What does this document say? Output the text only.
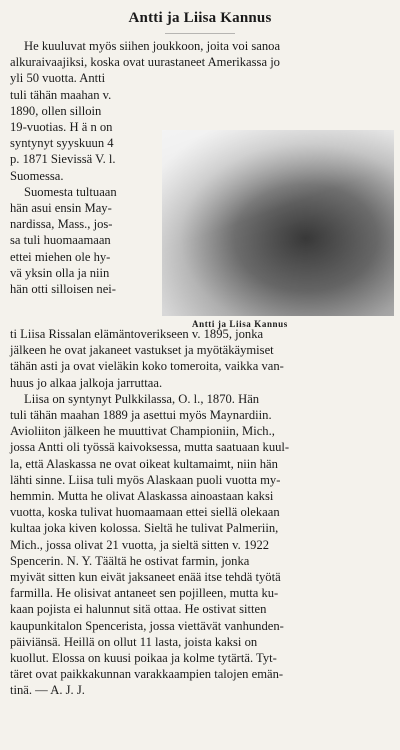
Antti ja Liisa Kannus

He kuuluvat myös siihen joukkoon, joita voi sanoa

alkuraivaajiksi, koska ovat uurastaneet Amerikassa jo

yli 50 vuotta. Antti

tuli tähän maahan v.

1890, ollen silloin

19-vuotias. H ä n on

syntynyt syyskuun 4

p. 1871 Sievissä V. l.

Suomessa.

Suomesta tultuaan

hän asui ensin May-

nardissa, Mass., jos-

sa tuli huomaamaan

ettei miehen ole hy-

vä yksin olla ja niin

hän otti silloisen nei-

Antti ja Liisa Kannus

ti Liisa Rissalan elämäntoverikseen v. 1895, jonka

jälkeen he ovat jakaneet vastukset ja myötäkäymiset

tähän asti ja ovat vieläkin koko tomeroita, vaikka van-

huus jo alkaa jalkoja jarruttaa.

Liisa on syntynyt Pulkkilassa, O. l., 1870. Hän

tuli tähän maahan 1889 ja asettui myös Maynardiin.

Avioliiton jälkeen he muuttivat Championiin, Mich.,

jossa Antti oli työssä kaivoksessa, mutta saatuaan kuul-

la, että Alaskassa ne ovat oikeat kultamaimt, niin hän

lähti sinne. Liisa tuli myös Alaskaan puoli vuotta my-

hemmin. Mutta he olivat Alaskassa ainoastaan kaksi

vuotta, koska tulivat huomaamaan ettei siellä olekaan

kultaa joka kiven kolossa. Sieltä he tulivat Palmeriin,

Mich., jossa olivat 21 vuotta, ja sieltä sitten v. 1922

Spencerin. N. Y. Täältä he ostivat farmin, jonka

myivät sitten kun eivät jaksaneet enää itse tehdä työtä

farmilla. He olisivat antaneet sen pojilleen, mutta ku-

kaan pojista ei halunnut sitä ottaa. He ostivat sitten

kaupunkitalon Spencerista, jossa viettävät vanhunden-

päiviänsä. Heillä on ollut 11 lasta, joista kaksi on

kuollut. Elossa on kuusi poikaa ja kolme tytärtä. Tyt-

täret ovat paikkakunnan varakkaampien talojen emän-

tinä. — A. J. J.
